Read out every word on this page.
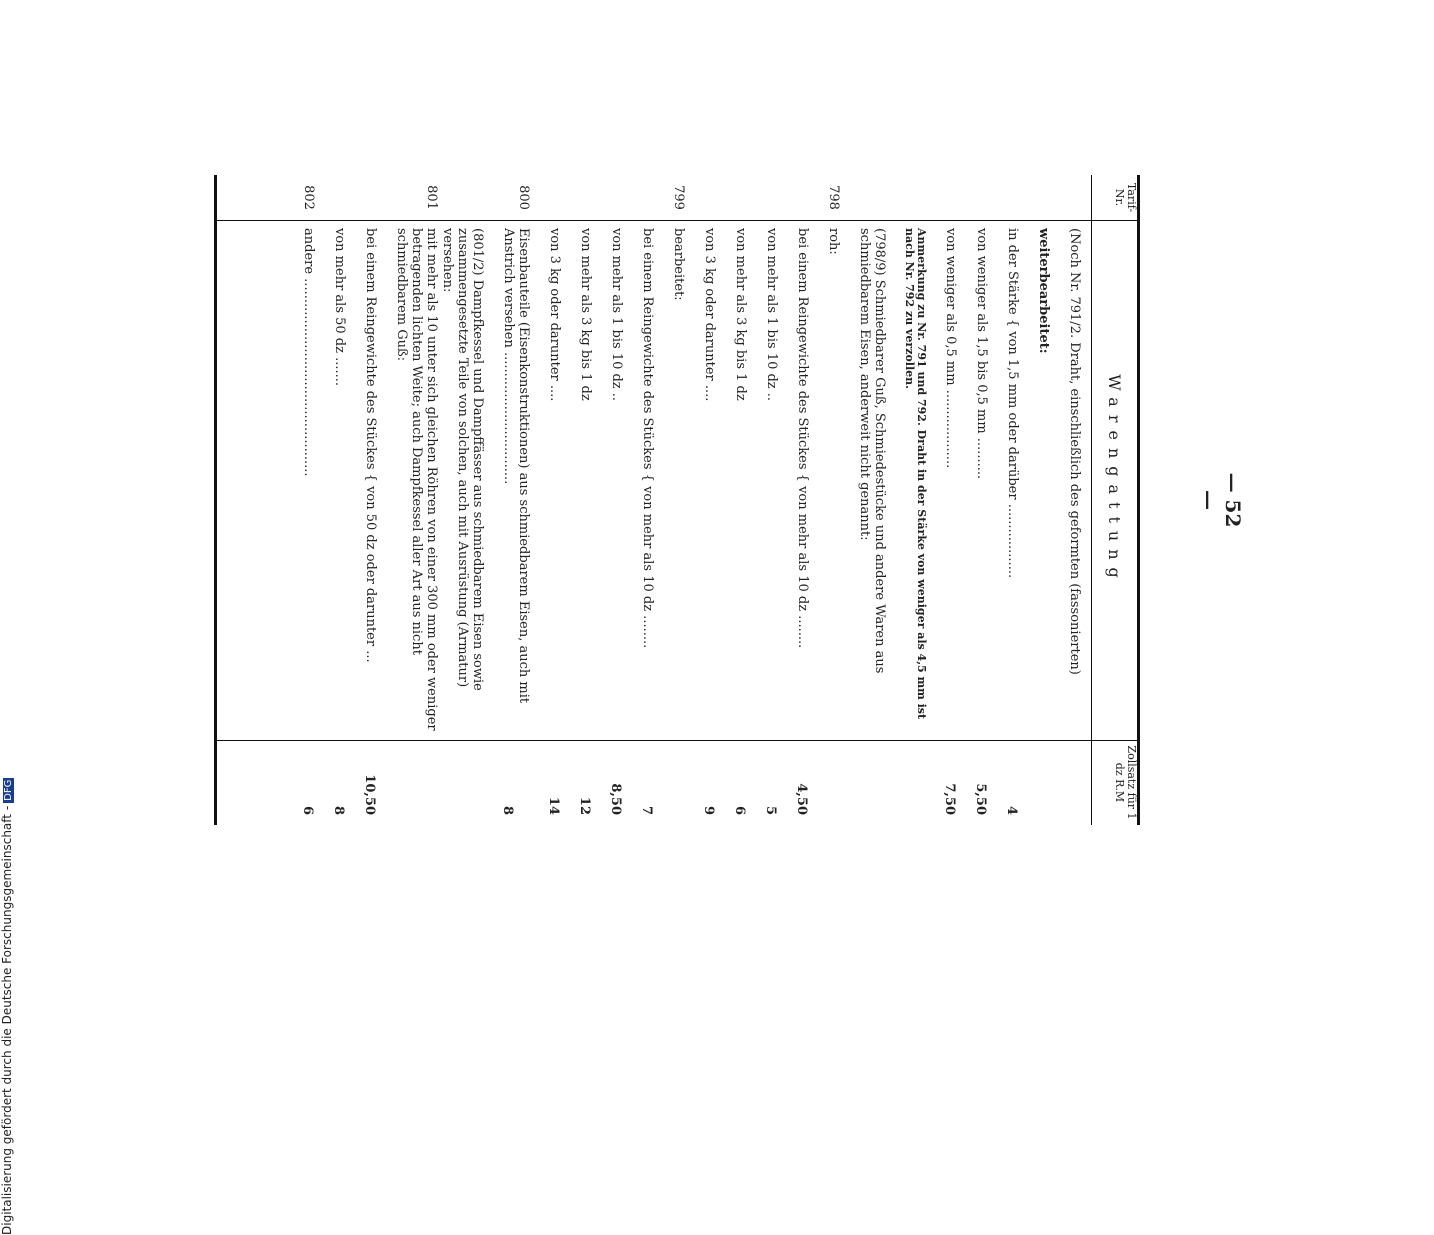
— 52 —
Tarif-Nr.
798
799
800
801
802
Warengattung
(Noch Nr. 791/2. Draht, einschließlich des geformten (fassonierten)
weiterbearbeitet:
in der Stärke { von 1,5 mm oder darüber ..................
von weniger als 1,5 bis 0,5 mm ..........
von weniger als 0,5 mm ...................
Anmerkung zu Nr. 791 und 792. Draht in der Stärke von weniger als 4,5 mm ist nach Nr. 792 zu verzollen.
(798/9) Schmiedbarer Guß, Schmiedestücke und andere Waren aus schmiedbarem Eisen, anderweit nicht genannt:
roh:
bei einem Reingewichte des Stückes { von mehr als 10 dz ........
von mehr als 1 bis 10 dz ..
von mehr als 3 kg bis 1 dz
von 3 kg oder darunter ....
bearbeitet:
bei einem Reingewichte des Stückes { von mehr als 10 dz ........
von mehr als 1 bis 10 dz ..
von mehr als 3 kg bis 1 dz
von 3 kg oder darunter ....
Eisenbauteile (Eisenkonstruktionen) aus schmiedbarem Eisen, auch mit Anstrich versehen ................................
(801/2) Dampfkessel und Dampffässer aus schmiedbarem Eisen sowie zusammengesetzte Teile von solchen, auch mit Ausrüstung (Armatur) versehen:
mit mehr als 10 unter sich gleichen Röhren von einer 300 mm oder weniger betragenden lichten Weite; auch Dampfkessel aller Art aus nicht schmiedbarem Guß:
bei einem Reingewichte des Stückes { von 50 dz oder darunter ...
von mehr als 50 dz .......
andere ................................................
Zollsatz für 1 dz R.M
4
5,50
7,50
4,50
5
6
9
7
8,50
12
14
8
10,50
8
6
Digitalisierung gefördert durch die Deutsche Forschungsgemeinschaft -DFG
